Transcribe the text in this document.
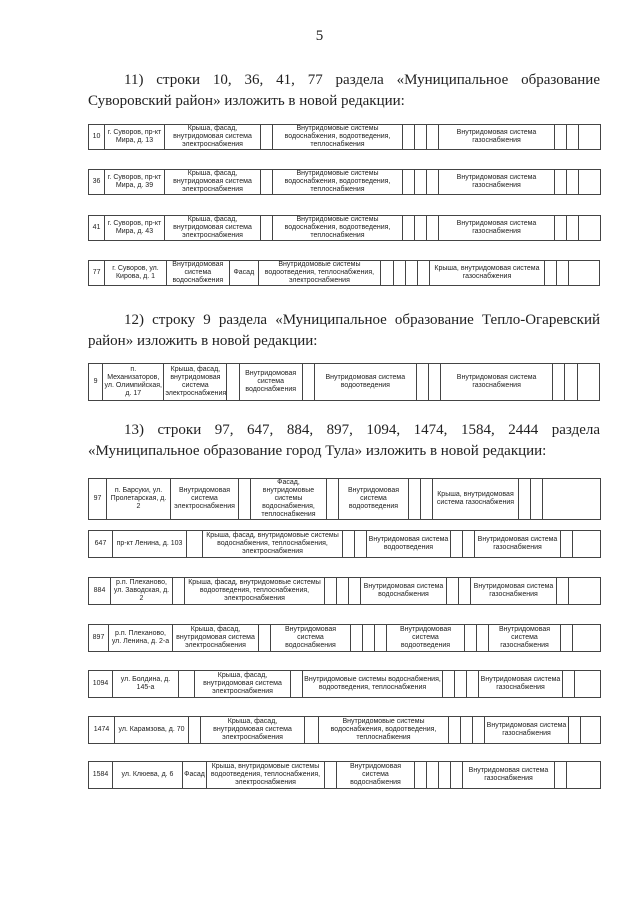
5
11) строки 10, 36, 41, 77 раздела «Муниципальное образование
Суворовский район» изложить в новой редакции:
10	г. Суворов, пр-кт Мира, д. 13	Крыша, фасад, внутридомовая система электроснабжения		Внутридомовые системы водоснабжения, водоотведения, теплоснабжения				Внутридомовая система газоснабжения			
36	г. Суворов, пр-кт Мира, д. 39	Крыша, фасад, внутридомовая система электроснабжения		Внутридомовые системы водоснабжения, водоотведения, теплоснабжения				Внутридомовая система газоснабжения			
41	г. Суворов, пр-кт Мира, д. 43	Крыша, фасад, внутридомовая система электроснабжения		Внутридомовые системы водоснабжения, водоотведения, теплоснабжения				Внутридомовая система газоснабжения			
77	г. Суворов, ул. Кирова, д. 1	Внутридомовая система водоснабжения	Фасад	Внутридомовые системы водоотведения, теплоснабжения, электроснабжения					Крыша, внутридомовая система газоснабжения			
12) строку 9 раздела «Муниципальное образование Тепло-Огаревский
район» изложить в новой редакции:
9	п. Механизаторов, ул. Олимпийская, д. 17	Крыша, фасад, внутридомовая система электроснабжения		Внутридомовая система водоснабжения		Внутридомовая система водоотведения			Внутридомовая система газоснабжения			
13) строки 97, 647, 884, 897, 1094, 1474, 1584, 2444 раздела
«Муниципальное образование город Тула» изложить в новой редакции:
97	п. Барсуки, ул. Пролетарская, д. 2	Внутридомовая система электроснабжения		Фасад, внутридомовые системы водоснабжения, теплоснабжения		Внутридомовая система водоотведения			Крыша, внутридомовая система газоснабжения			
647	пр-кт Ленина, д. 103		Крыша, фасад, внутридомовые системы водоснабжения, теплоснабжения, электроснабжения			Внутридомовая система водоотведения			Внутридомовая система газоснабжения		
884	р.п. Плеханово, ул. Заводская, д. 2		Крыша, фасад, внутридомовые системы водоотведения, теплоснабжения, электроснабжения				Внутридомовая система водоснабжения			Внутридомовая система газоснабжения		
897	р.п. Плеханово, ул. Ленина, д. 2-а	Крыша, фасад, внутридомовая система электроснабжения		Внутридомовая система водоснабжения				Внутридомовая система водоотведения			Внутридомовая система газоснабжения		
1094	ул. Болдина, д. 145-а		Крыша, фасад, внутридомовая система электроснабжения		Внутридомовые системы водоснабжения, водоотведения, теплоснабжения				Внутридомовая система газоснабжения		
1474	ул. Карамзова, д. 70		Крыша, фасад, внутридомовая система электроснабжения		Внутридомовые системы водоснабжения, водоотведения, теплоснабжения				Внутридомовая система газоснабжения		
1584	ул. Клюева, д. 6	Фасад	Крыша, внутридомовые системы водоотведения, теплоснабжения, электроснабжения		Внутридомовая система водоснабжения					Внутридомовая система газоснабжения		
